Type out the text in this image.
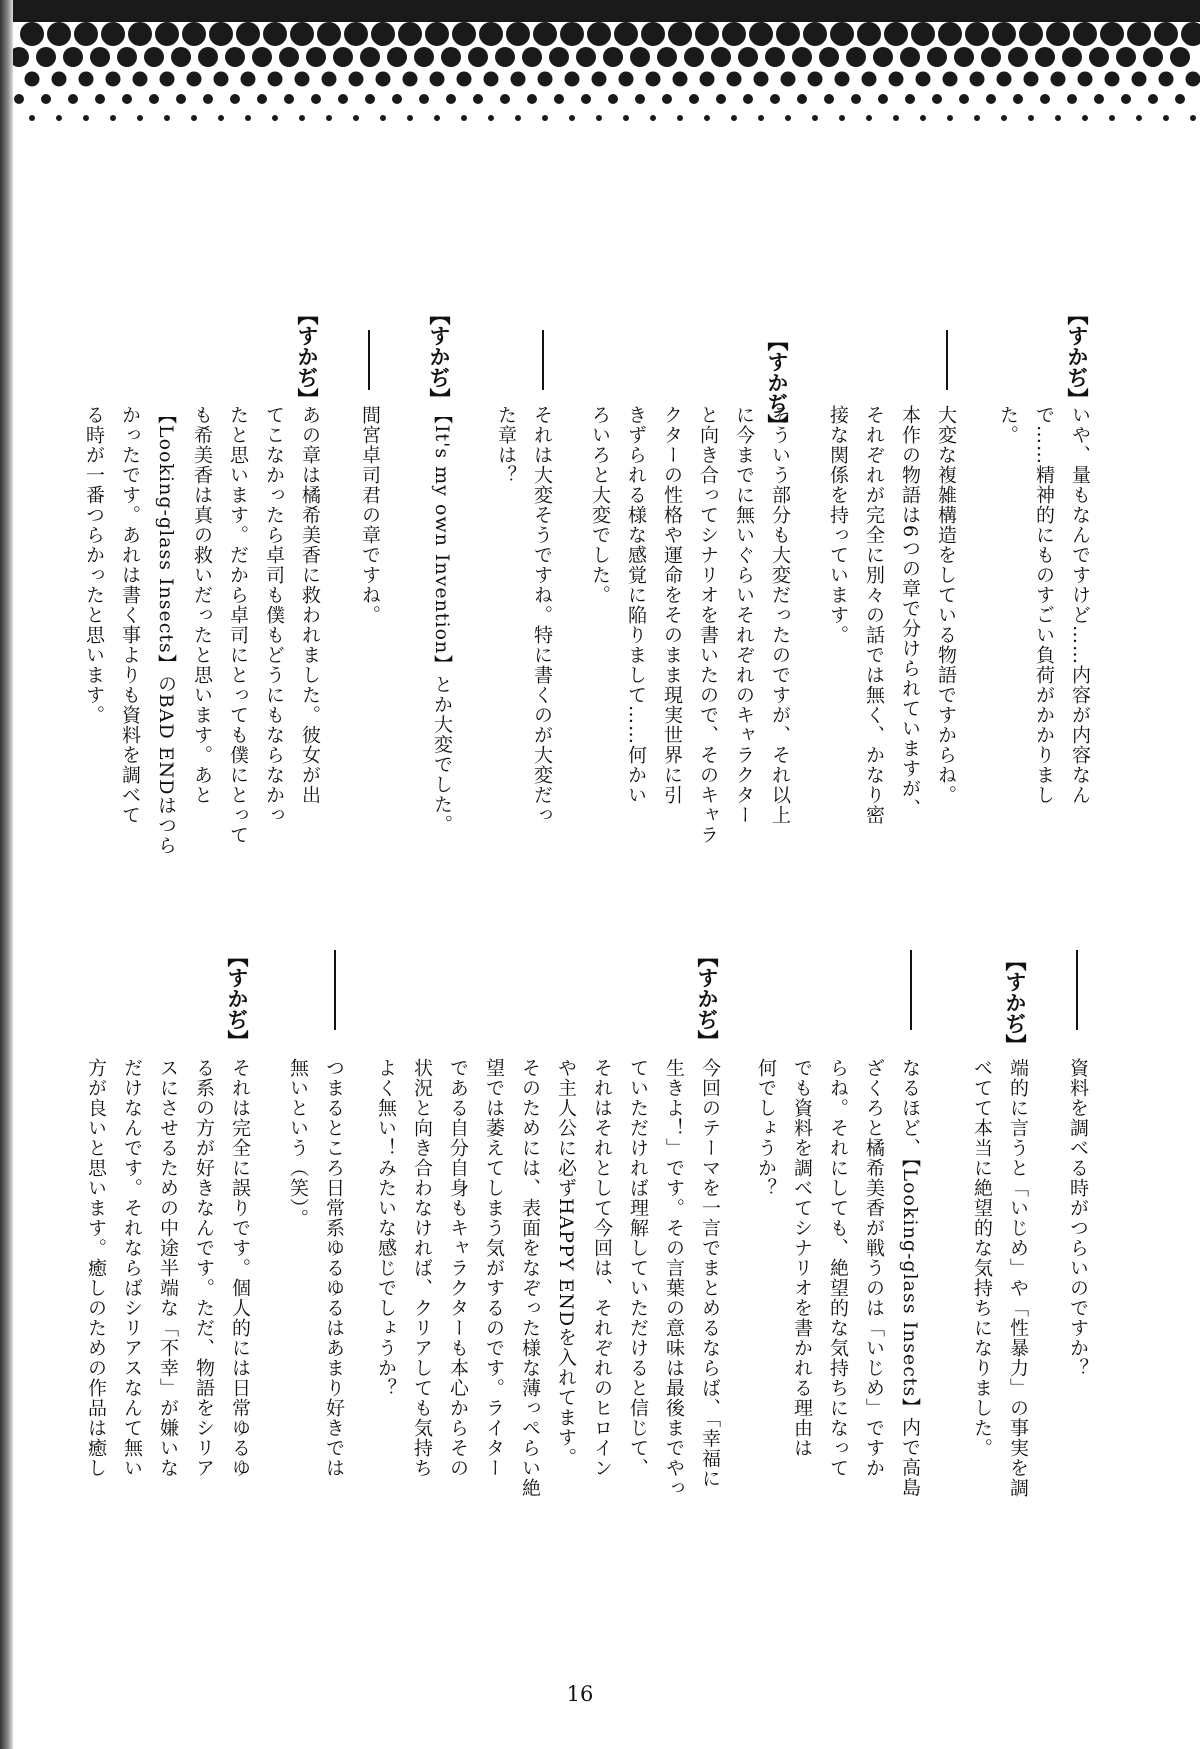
【すかぢ】
いや、量もなんですけど……内容が内容なん
で……精神的にものすごい負荷がかかりまし
た。
大変な複雑構造をしている物語ですからね。
本作の物語は6つの章で分けられていますが、
それぞれが完全に別々の話では無く、かなり密
接な関係を持っています。
【すかぢ】
そういう部分も大変だったのですが、それ以上
に今までに無いぐらいそれぞれのキャラクター
と向き合ってシナリオを書いたので、そのキャラ
クターの性格や運命をそのまま現実世界に引
きずられる様な感覚に陥りまして……何かい
ろいろと大変でした。
それは大変そうですね。特に書くのが大変だっ
た章は？
【すかぢ】
【It's my own Invention】とか大変でした。
間宮卓司君の章ですね。
【すかぢ】
あの章は橘希美香に救われました。彼女が出
てこなかったら卓司も僕もどうにもならなかっ
たと思います。だから卓司にとっても僕にとって
も希美香は真の救いだったと思います。あと
【Looking-glass Insects】のBAD ENDはつら
かったです。あれは書く事よりも資料を調べて
る時が一番つらかったと思います。
資料を調べる時がつらいのですか？
【すかぢ】
端的に言うと「いじめ」や「性暴力」の事実を調
べてて本当に絶望的な気持ちになりました。
なるほど、【Looking-glass Insects】内で高島
ざくろと橘希美香が戦うのは「いじめ」ですか
らね。それにしても、絶望的な気持ちになって
でも資料を調べてシナリオを書かれる理由は
何でしょうか？
【すかぢ】
今回のテーマを一言でまとめるならば、「幸福に
生きよ！」です。その言葉の意味は最後までやっ
ていただければ理解していただけると信じて、
それはそれとして今回は、それぞれのヒロイン
や主人公に必ずHAPPY ENDを入れてます。
そのためには、表面をなぞった様な薄っぺらい絶
望では萎えてしまう気がするのです。ライター
である自分自身もキャラクターも本心からその
状況と向き合わなければ、クリアしても気持ち
よく無い！みたいな感じでしょうか？
つまるところ日常系ゆるゆるはあまり好きでは
無いという（笑）。
【すかぢ】
それは完全に誤りです。個人的には日常ゆるゆ
る系の方が好きなんです。ただ、物語をシリア
スにさせるための中途半端な「不幸」が嫌いな
だけなんです。それならばシリアスなんて無い
方が良いと思います。癒しのための作品は癒し
16
